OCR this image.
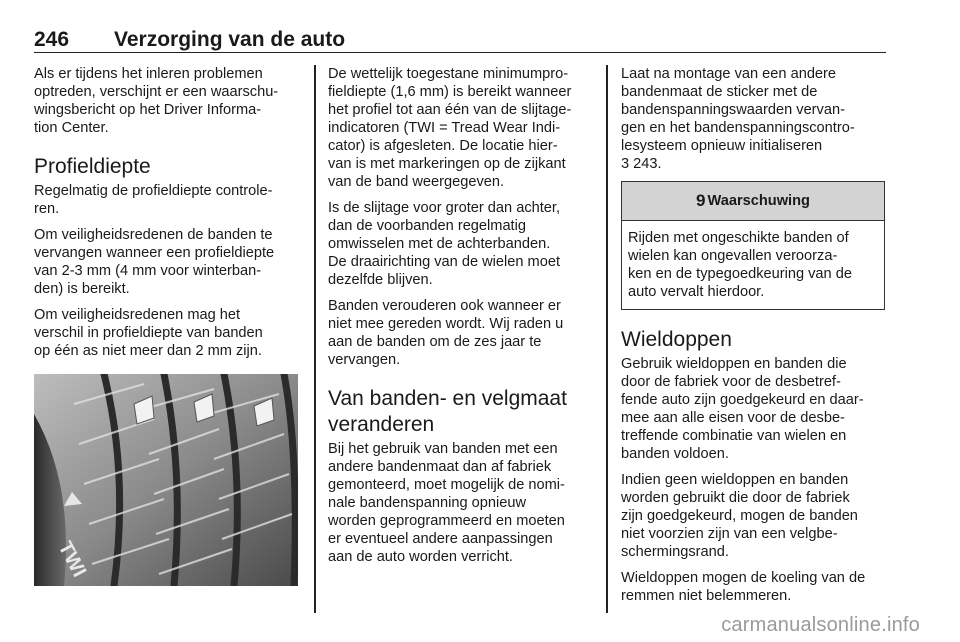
246 Verzorging van de auto
Als er tijdens het inleren problemen
optreden, verschijnt er een waarschu-
wingsbericht op het Driver Informa-
tion Center.
Profieldiepte
Regelmatig de profieldiepte controle-
ren.
Om veiligheidsredenen de banden te
vervangen wanneer een profieldiepte
van 2-3 mm (4 mm voor winterban-
den) is bereikt.
Om veiligheidsredenen mag het
verschil in profieldiepte van banden
op één as niet meer dan 2 mm zijn.
TWI
De wettelijk toegestane minimumpro-
fieldiepte (1,6 mm) is bereikt wanneer
het profiel tot aan één van de slijtage-
indicatoren (TWI = Tread Wear Indi-
cator) is afgesleten. De locatie hier-
van is met markeringen op de zijkant
van de band weergegeven.
Is de slijtage voor groter dan achter,
dan de voorbanden regelmatig
omwisselen met de achterbanden.
De draairichting van de wielen moet
dezelfde blijven.
Banden verouderen ook wanneer er
niet mee gereden wordt. Wij raden u
aan de banden om de zes jaar te
vervangen.
Van banden- en velgmaat
veranderen
Bij het gebruik van banden met een
andere bandenmaat dan af fabriek
gemonteerd, moet mogelijk de nomi-
nale bandenspanning opnieuw
worden geprogrammeerd en moeten
er eventueel andere aanpassingen
aan de auto worden verricht.
Laat na montage van een andere
bandenmaat de sticker met de
bandenspanningswaarden vervan-
gen en het bandenspanningscontro-
lesysteem opnieuw initialiseren
3 243.
9 Waarschuwing
Rijden met ongeschikte banden of
wielen kan ongevallen veroorza-
ken en de typegoedkeuring van de
auto vervalt hierdoor.
Wieldoppen
Gebruik wieldoppen en banden die
door de fabriek voor de desbetref-
fende auto zijn goedgekeurd en daar-
mee aan alle eisen voor de desbe-
treffende combinatie van wielen en
banden voldoen.
Indien geen wieldoppen en banden
worden gebruikt die door de fabriek
zijn goedgekeurd, mogen de banden
niet voorzien zijn van een velgbe-
schermingsrand.
Wieldoppen mogen de koeling van de
remmen niet belemmeren.
carmanualsonline.info
